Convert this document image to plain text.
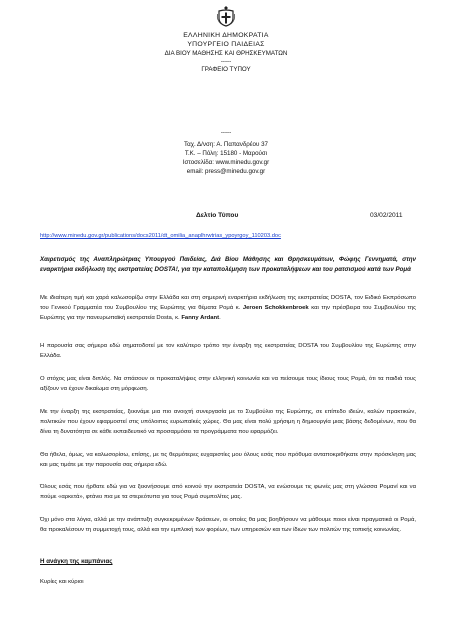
ΕΛΛΗΝΙΚΗ ΔΗΜΟΚΡΑΤΙΑ
ΥΠΟΥΡΓΕΙΟ ΠΑΙΔΕΙΑΣ
ΔΙΑ ΒΙΟΥ ΜΑΘΗΣΗΣ ΚΑΙ ΘΡΗΣΚΕΥΜΑΤΩΝ
-----
ΓΡΑΦΕΙΟ ΤΥΠΟΥ
-----
Ταχ. Δ/νση: Α. Παπανδρέου 37
Τ.Κ. – Πόλη: 15180 - Μαρούσι
Ιστοσελίδα: www.minedu.gov.gr
email: press@minedu.gov.gr
Δελτίο Τύπου	03/02/2011
http://www.minedu.gov.gr/publications/docs2011/dt_omilia_anaplhrwtrias_ypoyrgoy_110203.doc

Χαιρετισμός της Αναπληρώτριας Υπουργού Παιδείας, Διά Βίου Μάθησης και Θρησκευμάτων, Φώφης Γεννηματά, στην εναρκτήρια εκδήλωση της εκστρατείας DOSTA!, για την καταπολέμηση των προκαταλήψεων και του ρατσισμού κατά των Ρομά

Με ιδιαίτερη τιμή και χαρά καλωσορίζω στην Ελλάδα και στη σημερινή εναρκτήρια εκδήλωση της εκστρατείας DOSTA, τον Ειδικό Εκπρόσωπο του Γενικού Γραμματέα του Συμβουλίου της Ευρώπης για θέματα Ρομά κ. Jeroen Schokkenbroek και την πρέσβειρα του Συμβουλίου της Ευρώπης για την πανευρωπαϊκή εκστρατεία Dosta, κ. Fanny Ardant.

Η παρουσία σας σήμερα εδώ σηματοδοτεί με τον καλύτερο τρόπο την έναρξη της εκστρατείας DOSTA του Συμβουλίου της Ευρώπης στην Ελλάδα.

Ο στόχος μας είναι διπλός. Να σπάσουν οι προκαταλήψεις στην ελληνική κοινωνία και να πείσουμε τους ίδιους τους Ρομά, ότι τα παιδιά τους αξίζουν να έχουν δικαίωμα στη μόρφωση.

Με την έναρξη της εκστρατείας, ξεκινάμε μια πιο ανοιχτή συνεργασία με το Συμβούλιο της Ευρώπης, σε επίπεδο ιδεών, καλών πρακτικών, πολιτικών που έχουν εφαρμοστεί στις υπόλοιπες ευρωπαϊκές χώρες. Θα μας είναι πολύ χρήσιμη η δημιουργία μιας βάσης δεδομένων, που θα δίνει τη δυνατότητα σε κάθε εκπαιδευτικό να προσαρμόσει τα προγράμματα που εφαρμόζει.

Θα ήθελα, όμως, να καλωσορίσω, επίσης, με τις θερμότερες ευχαριστίες μου όλους εσάς που πρόθυμα ανταποκριθήκατε στην πρόσκληση μας και μας τιμάτε με την παρουσία σας σήμερα εδώ.

Όλους εσάς που ήρθατε εδώ για να ξεκινήσουμε από κοινού την εκστρατεία DOSTA, να ενώσουμε τις φωνές μας στη γλώσσα Ρομανί και να πούμε «αρκετά», φτάνει πια με τα στερεότυπα για τους Ρομά συμπολίτες μας.

Όχι μόνο στα λόγια, αλλά με την ανάπτυξη συγκεκριμένων δράσεων, οι οποίες θα μας βοηθήσουν να μάθουμε ποιοι είναι πραγματικά οι Ρομά, θα προκαλέσουν τη συμμετοχή τους, αλλά και την εμπλοκή των φορέων, των υπηρεσιών και των ίδιων των πολιτών της τοπικής κοινωνίας.

Η ανάγκη της καμπάνιας
Κυρίες και κύριοι
